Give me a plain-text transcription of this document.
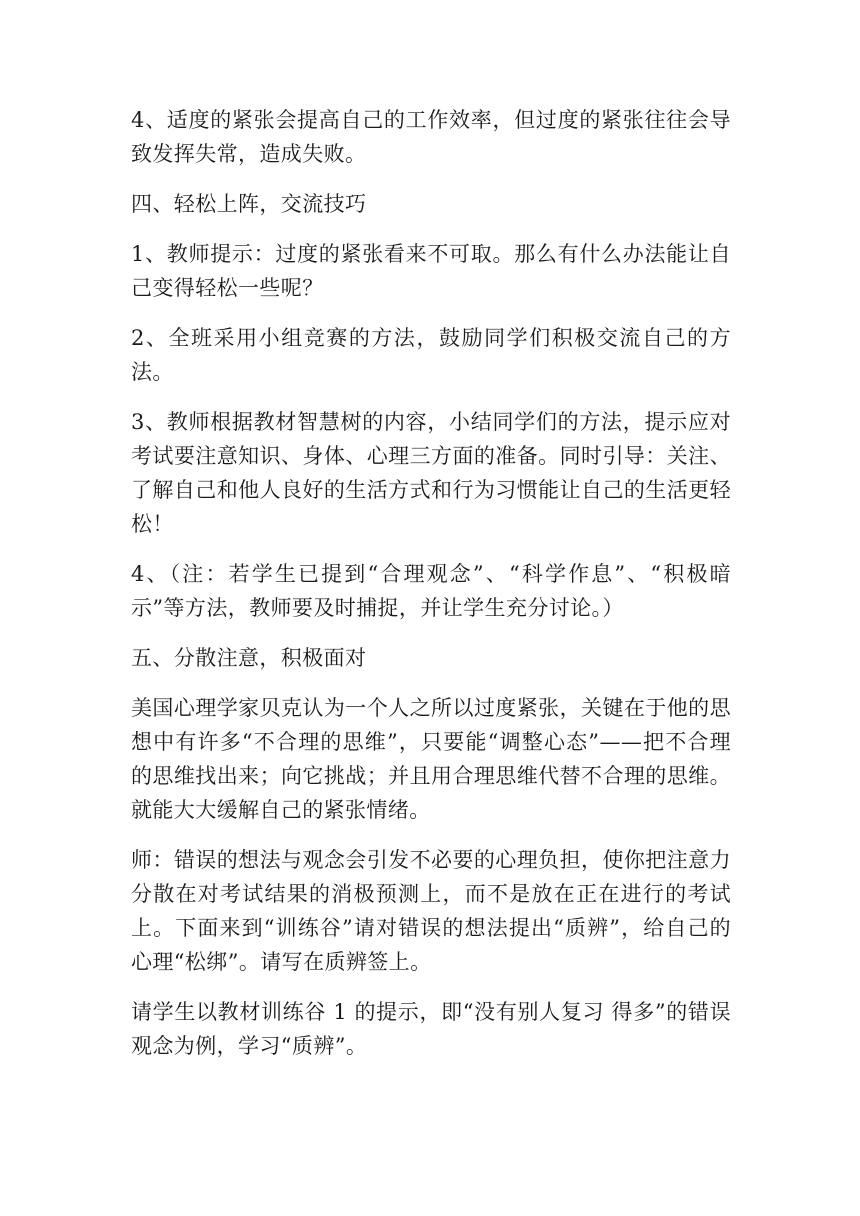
4、适度的紧张会提高自己的工作效率，但过度的紧张往往会导致发挥失常，造成失败。

四、轻松上阵，交流技巧

1、教师提示：过度的紧张看来不可取。那么有什么办法能让自己变得轻松一些呢？

2、全班采用小组竞赛的方法，鼓励同学们积极交流自己的方法。

3、教师根据教材智慧树的内容，小结同学们的方法，提示应对考试要注意知识、身体、心理三方面的准备。同时引导：关注、了解自己和他人良好的生活方式和行为习惯能让自己的生活更轻松！

4、（注：若学生已提到“合理观念”、“科学作息”、“积极暗示”等方法，教师要及时捕捉，并让学生充分讨论。）

五、分散注意，积极面对

美国心理学家贝克认为一个人之所以过度紧张，关键在于他的思想中有许多“不合理的思维”，只要能“调整心态”——把不合理的思维找出来；向它挑战；并且用合理思维代替不合理的思维。就能大大缓解自己的紧张情绪。

师：错误的想法与观念会引发不必要的心理负担，使你把注意力分散在对考试结果的消极预测上，而不是放在正在进行的考试上。下面来到“训练谷”请对错误的想法提出“质辨”，给自己的心理“松绑”。请写在质辨签上。

请学生以教材训练谷 1 的提示，即“没有别人复习 得多”的错误观念为例，学习“质辨”。
